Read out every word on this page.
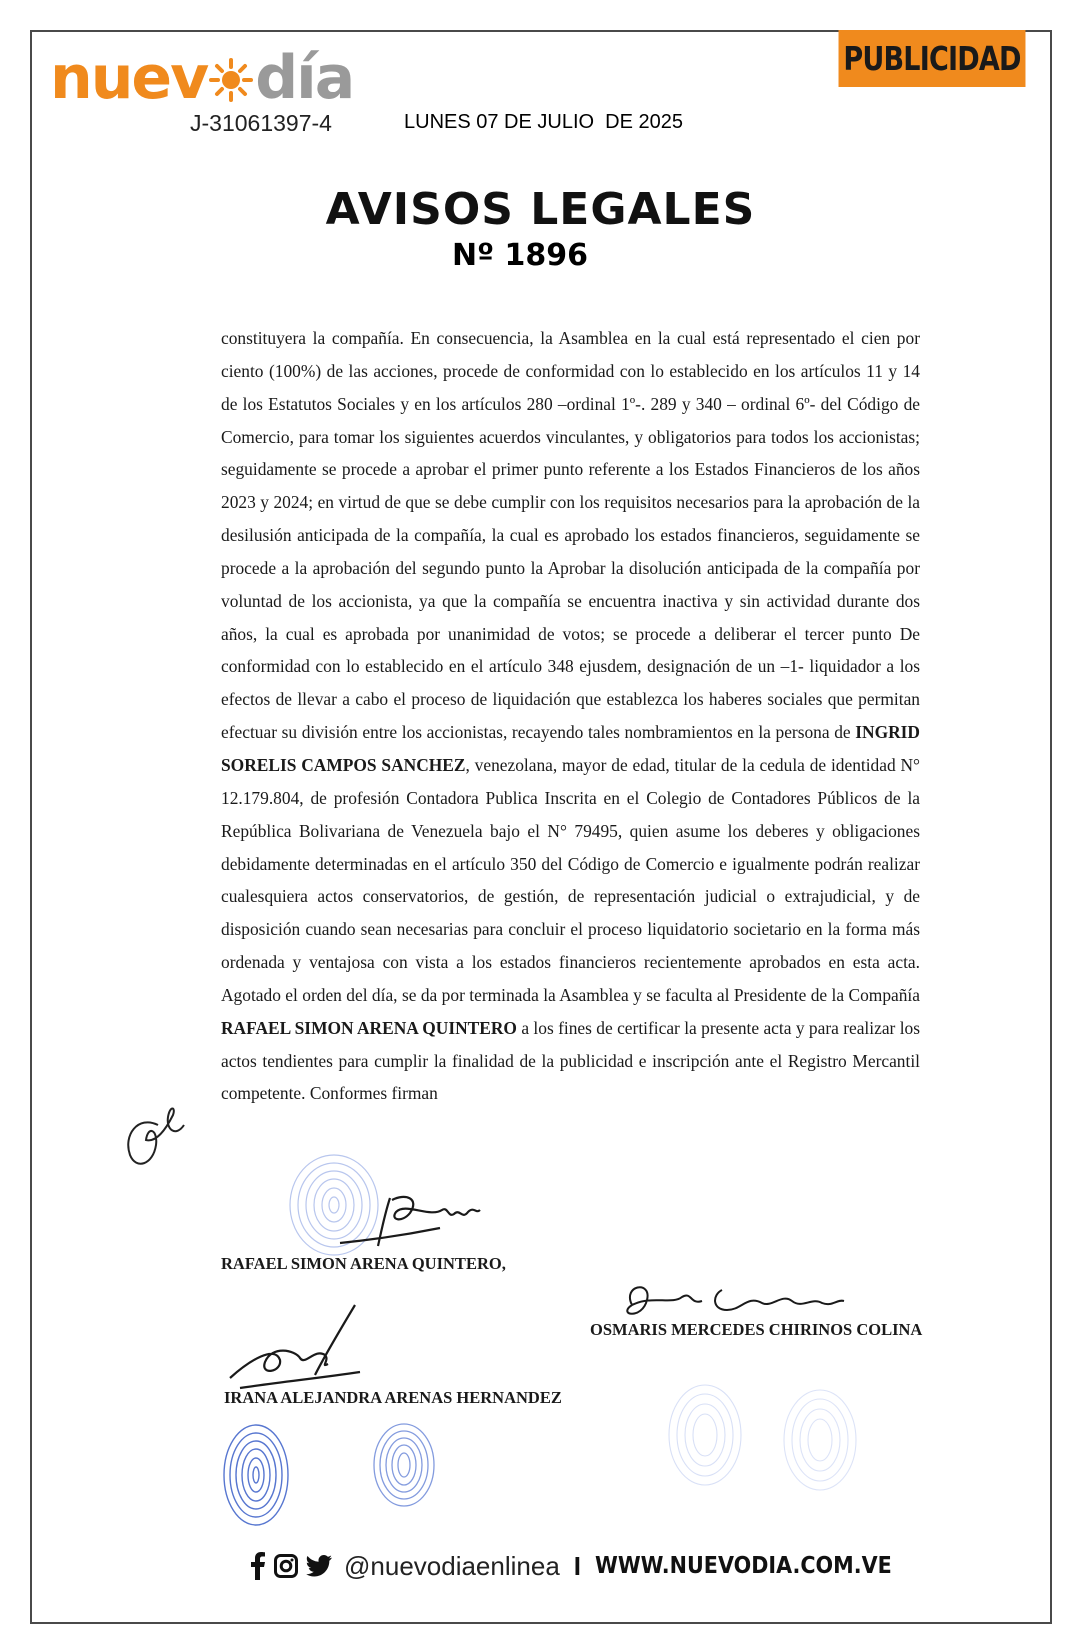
nuev día
J-31061397-4	LUNES 07 DE JULIO  DE 2025
PUBLICIDAD
AVISOS LEGALES
Nº 1896

constituyera la compañía. En consecuencia, la Asamblea en la cual está representado el cien por ciento (100%) de las acciones, procede de conformidad con lo establecido en los artículos 11 y 14 de los Estatutos Sociales y en los artículos 280 –ordinal 1º-. 289 y 340 – ordinal 6º- del Código de Comercio, para tomar los siguientes acuerdos vinculantes, y obligatorios para todos los accionistas; seguidamente se procede a aprobar el primer punto referente a los Estados Financieros de los años 2023 y 2024; en virtud de que se debe cumplir con los requisitos necesarios para la aprobación de la desilusión anticipada de la compañía, la cual es aprobado los estados financieros, seguidamente se procede a la aprobación del segundo punto la Aprobar la disolución anticipada de la compañía por voluntad de los accionista, ya que la compañía se encuentra inactiva y sin actividad durante dos años, la cual es aprobada por unanimidad de votos; se procede a deliberar el tercer punto De conformidad con lo establecido en el artículo 348 ejusdem, designación de un –1- liquidador a los efectos de llevar a cabo el proceso de liquidación que establezca los haberes sociales que permitan efectuar su división entre los accionistas, recayendo tales nombramientos en la persona de INGRID SORELIS CAMPOS SANCHEZ, venezolana, mayor de edad, titular de la cedula de identidad N° 12.179.804, de profesión Contadora Publica Inscrita en el Colegio de Contadores Públicos de la República Bolivariana de Venezuela bajo el N° 79495, quien asume los deberes y obligaciones debidamente determinadas en el artículo 350 del Código de Comercio e igualmente podrán realizar cualesquiera actos conservatorios, de gestión, de representación judicial o extrajudicial, y de disposición cuando sean necesarias para concluir el proceso liquidatorio societario en la forma más ordenada y ventajosa con vista a los estados financieros recientemente aprobados en esta acta. Agotado el orden del día, se da por terminada la Asamblea y se faculta al Presidente de la Compañía RAFAEL SIMON ARENA QUINTERO a los fines de certificar la presente acta y para realizar los actos tendientes para cumplir la finalidad de la publicidad e inscripción ante el Registro Mercantil competente. Conformes firman

RAFAEL SIMON ARENA QUINTERO,
OSMARIS MERCEDES CHIRINOS COLINA
IRANA ALEJANDRA ARENAS HERNANDEZ
@nuevodiaenlinea I WWW.NUEVODIA.COM.VE
